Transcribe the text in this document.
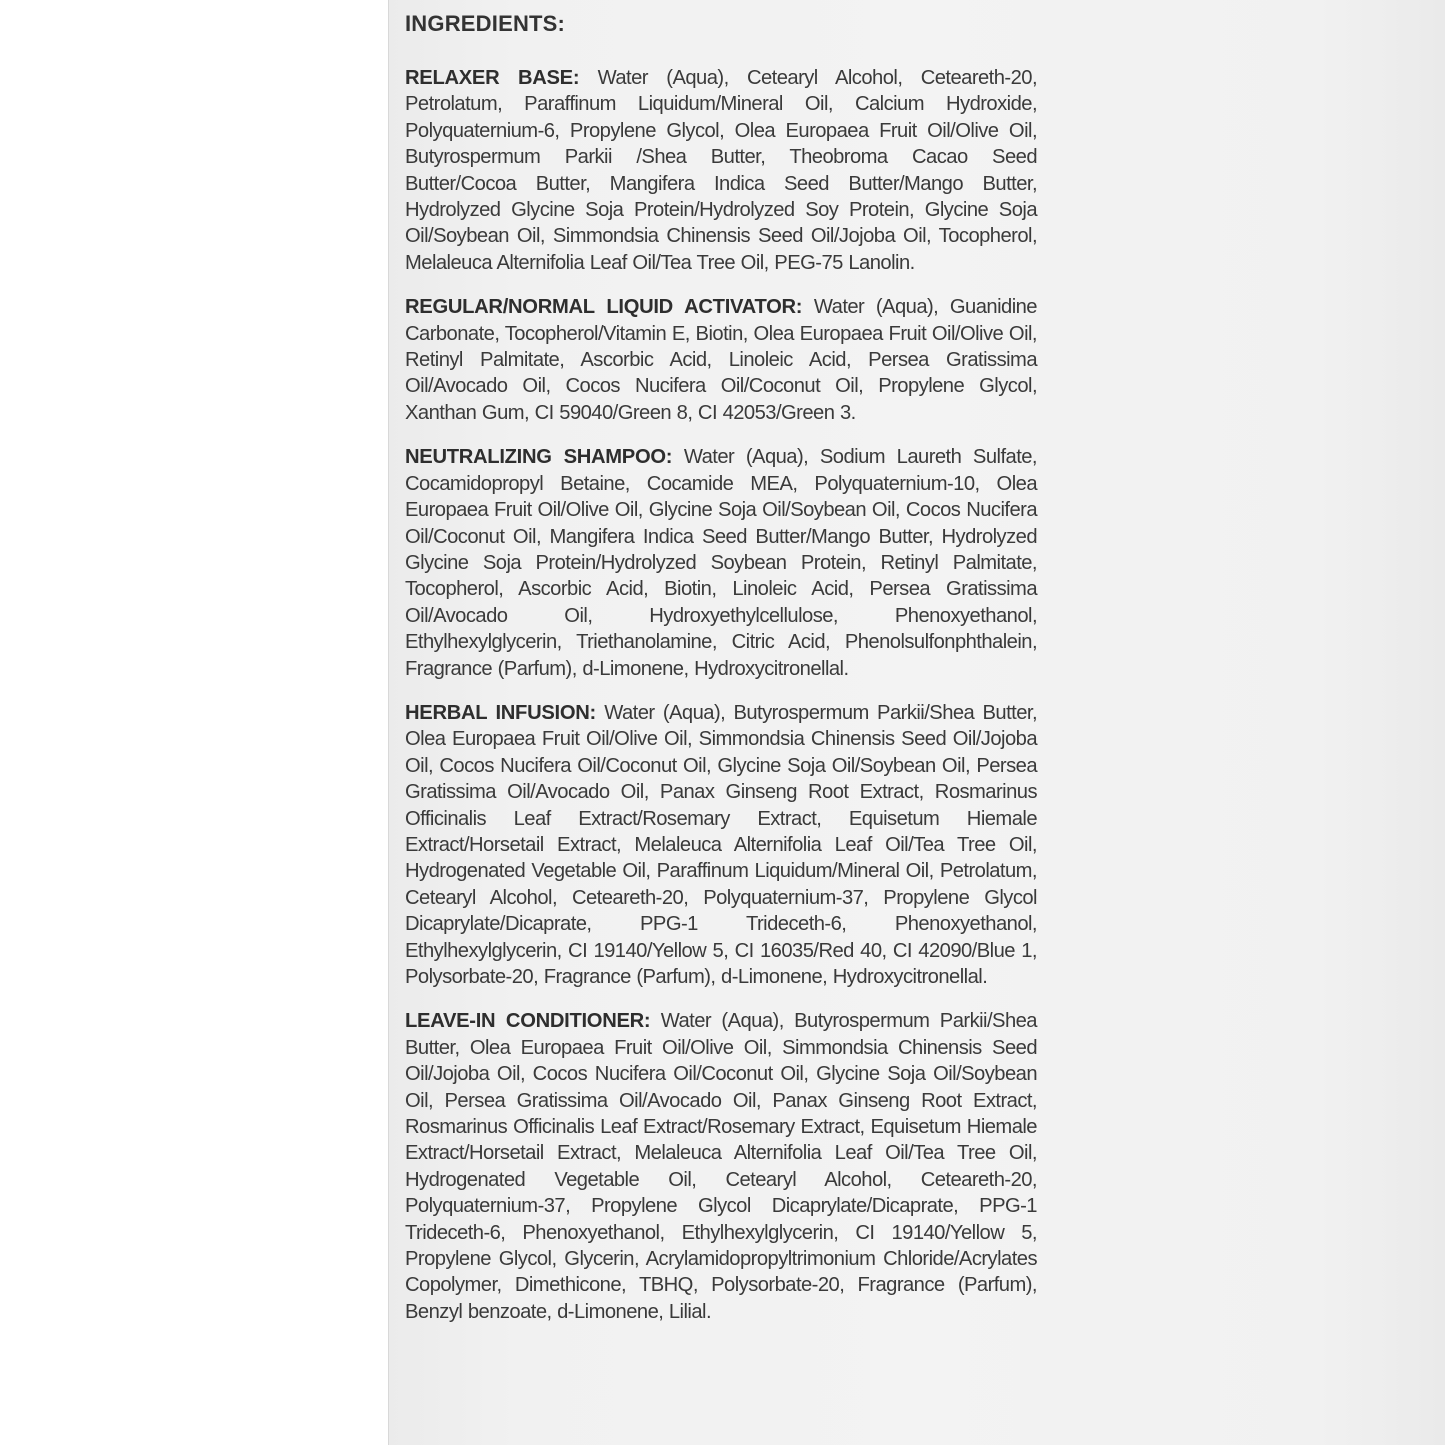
INGREDIENTS:

RELAXER BASE: Water (Aqua), Cetearyl Alcohol, Ceteareth-20, Petrolatum, Paraffinum Liquidum/Mineral Oil, Calcium Hydroxide, Polyquaternium-6, Propylene Glycol, Olea Europaea Fruit Oil/Olive Oil, Butyrospermum Parkii /Shea Butter, Theobroma Cacao Seed Butter/Cocoa Butter, Mangifera Indica Seed Butter/Mango Butter, Hydrolyzed Glycine Soja Protein/Hydrolyzed Soy Protein, Glycine Soja Oil/Soybean Oil, Simmondsia Chinensis Seed Oil/Jojoba Oil, Tocopherol, Melaleuca Alternifolia Leaf Oil/Tea Tree Oil, PEG-75 Lanolin.

REGULAR/NORMAL LIQUID ACTIVATOR: Water (Aqua), Guanidine Carbonate, Tocopherol/Vitamin E, Biotin, Olea Europaea Fruit Oil/Olive Oil, Retinyl Palmitate, Ascorbic Acid, Linoleic Acid, Persea Gratissima Oil/Avocado Oil, Cocos Nucifera Oil/Coconut Oil, Propylene Glycol, Xanthan Gum, CI 59040/Green 8, CI 42053/Green 3.

NEUTRALIZING SHAMPOO: Water (Aqua), Sodium Laureth Sulfate, Cocamidopropyl Betaine, Cocamide MEA, Polyquaternium-10, Olea Europaea Fruit Oil/Olive Oil, Glycine Soja Oil/Soybean Oil, Cocos Nucifera Oil/Coconut Oil, Mangifera Indica Seed Butter/Mango Butter, Hydrolyzed Glycine Soja Protein/Hydrolyzed Soybean Protein, Retinyl Palmitate, Tocopherol, Ascorbic Acid, Biotin, Linoleic Acid, Persea Gratissima Oil/Avocado Oil, Hydroxyethylcellulose, Phenoxyethanol, Ethylhexylglycerin, Triethanolamine, Citric Acid, Phenolsulfonphthalein, Fragrance (Parfum), d-Limonene, Hydroxycitronellal.

HERBAL INFUSION: Water (Aqua), Butyrospermum Parkii/Shea Butter, Olea Europaea Fruit Oil/Olive Oil, Simmondsia Chinensis Seed Oil/Jojoba Oil, Cocos Nucifera Oil/Coconut Oil, Glycine Soja Oil/Soybean Oil, Persea Gratissima Oil/Avocado Oil, Panax Ginseng Root Extract, Rosmarinus Officinalis Leaf Extract/Rosemary Extract, Equisetum Hiemale Extract/Horsetail Extract, Melaleuca Alternifolia Leaf Oil/Tea Tree Oil, Hydrogenated Vegetable Oil, Paraffinum Liquidum/Mineral Oil, Petrolatum, Cetearyl Alcohol, Ceteareth-20, Polyquaternium-37, Propylene Glycol Dicaprylate/Dicaprate, PPG-1 Trideceth-6, Phenoxyethanol, Ethylhexylglycerin, CI 19140/Yellow 5, CI 16035/Red 40, CI 42090/Blue 1, Polysorbate-20, Fragrance (Parfum), d-Limonene, Hydroxycitronellal.

LEAVE-IN CONDITIONER: Water (Aqua), Butyrospermum Parkii/Shea Butter, Olea Europaea Fruit Oil/Olive Oil, Simmondsia Chinensis Seed Oil/Jojoba Oil, Cocos Nucifera Oil/Coconut Oil, Glycine Soja Oil/Soybean Oil, Persea Gratissima Oil/Avocado Oil, Panax Ginseng Root Extract, Rosmarinus Officinalis Leaf Extract/Rosemary Extract, Equisetum Hiemale Extract/Horsetail Extract, Melaleuca Alternifolia Leaf Oil/Tea Tree Oil, Hydrogenated Vegetable Oil, Cetearyl Alcohol, Ceteareth-20, Polyquaternium-37, Propylene Glycol Dicaprylate/Dicaprate, PPG-1 Trideceth-6, Phenoxyethanol, Ethylhexylglycerin, CI 19140/Yellow 5, Propylene Glycol, Glycerin, Acrylamidopropyltrimonium Chloride/Acrylates Copolymer, Dimethicone, TBHQ, Polysorbate-20, Fragrance (Parfum), Benzyl benzoate, d-Limonene, Lilial.
